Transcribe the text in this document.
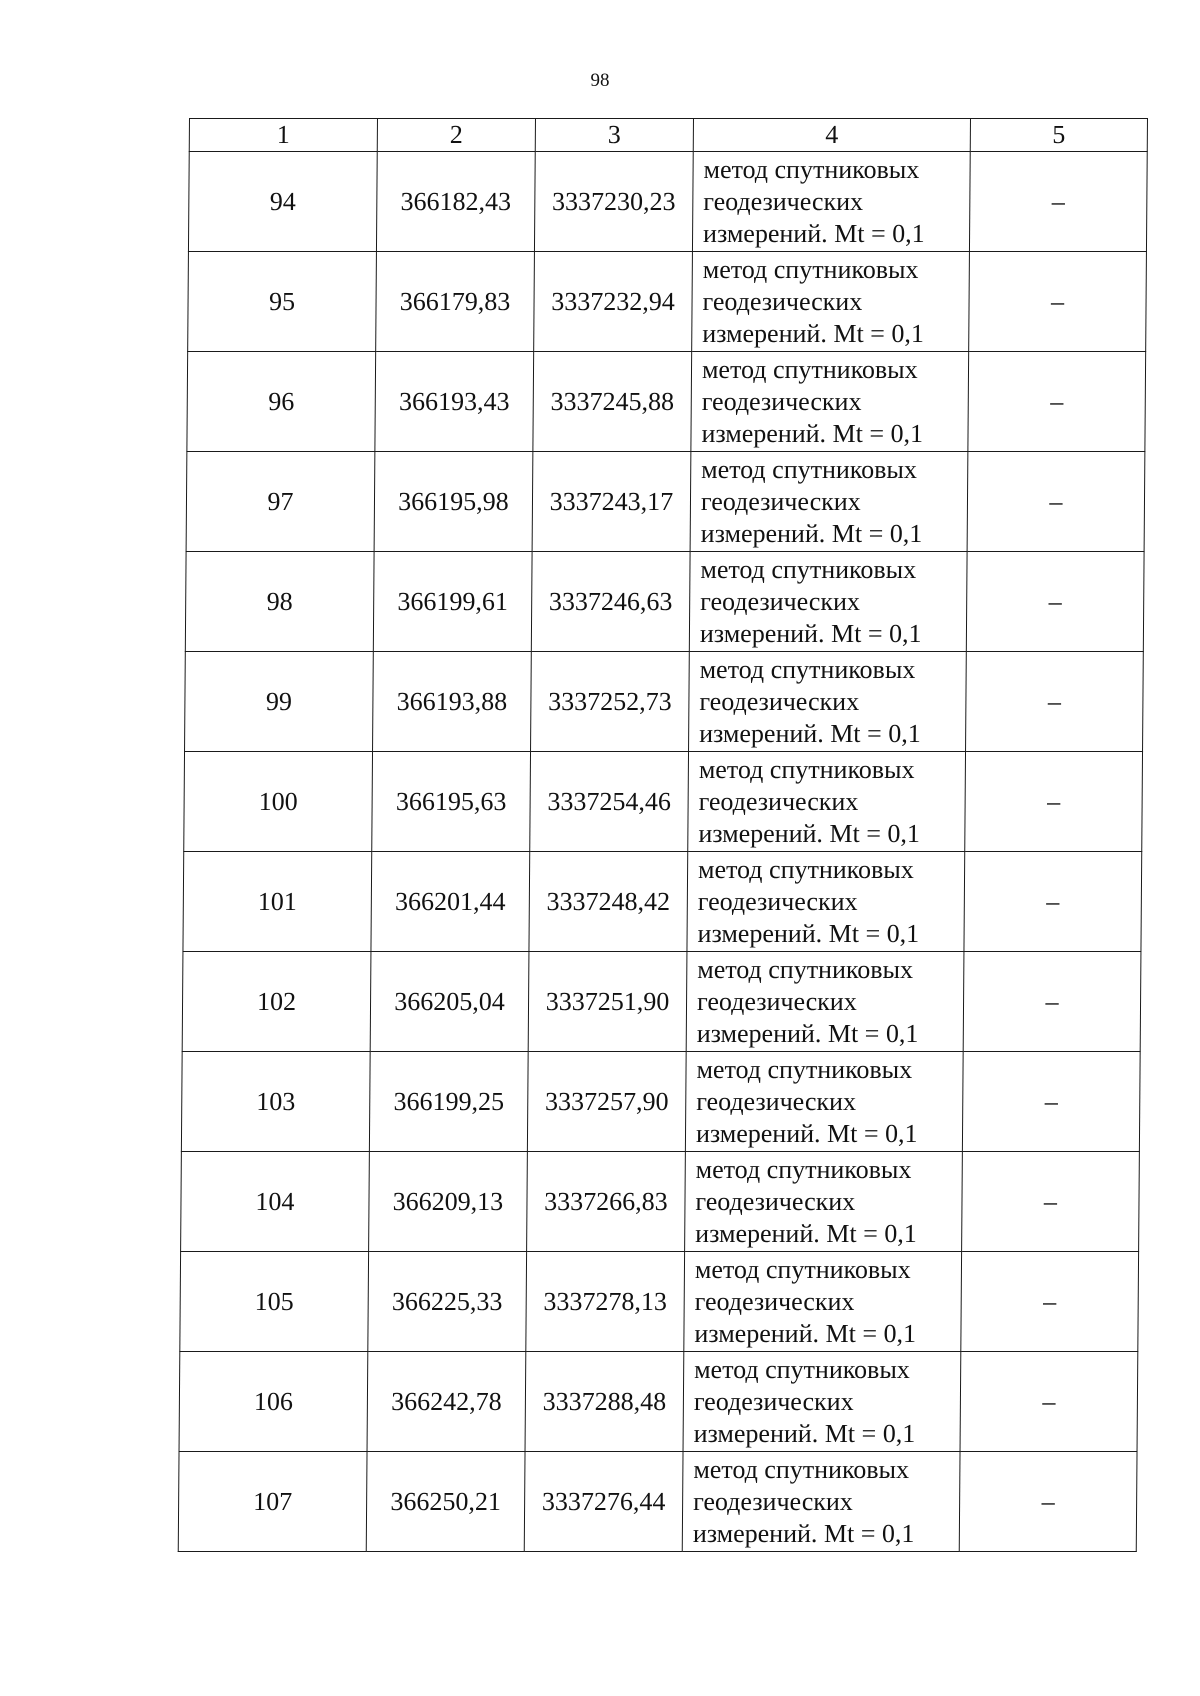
98
1	2	3	4	5
94	366182,43	3337230,23	метод спутниковых
геодезических
измерений. Mt = 0,1	–
95	366179,83	3337232,94	метод спутниковых
геодезических
измерений. Mt = 0,1	–
96	366193,43	3337245,88	метод спутниковых
геодезических
измерений. Mt = 0,1	–
97	366195,98	3337243,17	метод спутниковых
геодезических
измерений. Mt = 0,1	–
98	366199,61	3337246,63	метод спутниковых
геодезических
измерений. Mt = 0,1	–
99	366193,88	3337252,73	метод спутниковых
геодезических
измерений. Mt = 0,1	–
100	366195,63	3337254,46	метод спутниковых
геодезических
измерений. Mt = 0,1	–
101	366201,44	3337248,42	метод спутниковых
геодезических
измерений. Mt = 0,1	–
102	366205,04	3337251,90	метод спутниковых
геодезических
измерений. Mt = 0,1	–
103	366199,25	3337257,90	метод спутниковых
геодезических
измерений. Mt = 0,1	–
104	366209,13	3337266,83	метод спутниковых
геодезических
измерений. Mt = 0,1	–
105	366225,33	3337278,13	метод спутниковых
геодезических
измерений. Mt = 0,1	–
106	366242,78	3337288,48	метод спутниковых
геодезических
измерений. Mt = 0,1	–
107	366250,21	3337276,44	метод спутниковых
геодезических
измерений. Mt = 0,1	–
